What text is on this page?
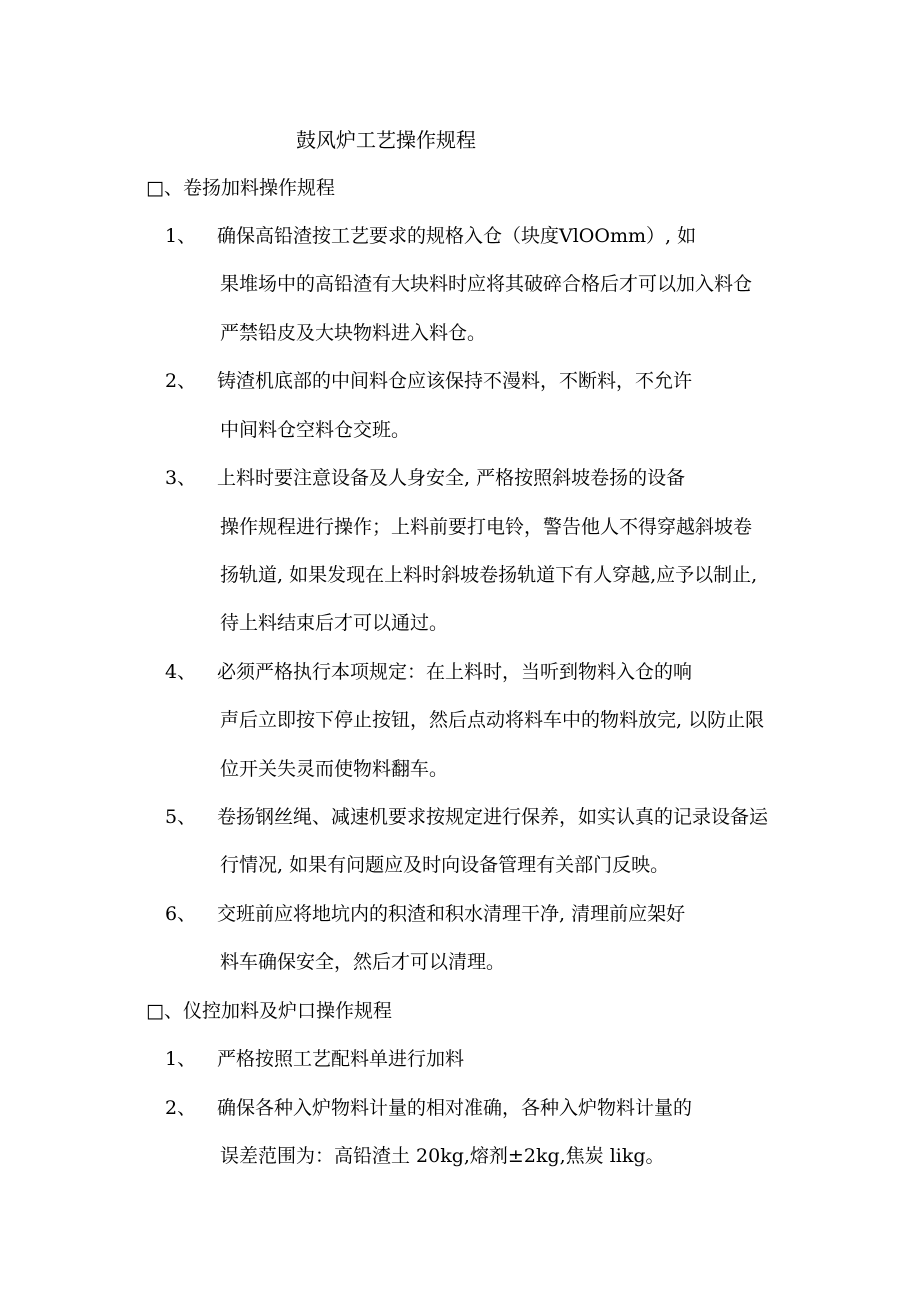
鼓风炉工艺操作规程
□、卷扬加料操作规程
1、 确保高铅渣按工艺要求的规格入仓（块度VlOOmm）, 如
果堆场中的高铅渣有大块料时应将其破碎合格后才可以加入料仓
严禁铅皮及大块物料进入料仓。
2、 铸渣机底部的中间料仓应该保持不漫料，不断料，不允许
中间料仓空料仓交班。
3、 上料时要注意设备及人身安全, 严格按照斜坡卷扬的设备
操作规程进行操作；上料前要打电铃，警告他人不得穿越斜坡卷
扬轨道, 如果发现在上料时斜坡卷扬轨道下有人穿越,应予以制止,
待上料结束后才可以通过。
4、 必须严格执行本项规定：在上料时，当听到物料入仓的响
声后立即按下停止按钮，然后点动将料车中的物料放完, 以防止限
位开关失灵而使物料翻车。
5、 卷扬钢丝绳、减速机要求按规定进行保养，如实认真的记录设备运
行情况, 如果有问题应及时向设备管理有关部门反映。
6、 交班前应将地坑内的积渣和积水清理干净, 清理前应架好
料车确保安全，然后才可以清理。
□、仪控加料及炉口操作规程
1、 严格按照工艺配料单进行加料
2、 确保各种入炉物料计量的相对准确，各种入炉物料计量的
误差范围为：高铅渣土 20kg,熔剂±2kg,焦炭 likg。
